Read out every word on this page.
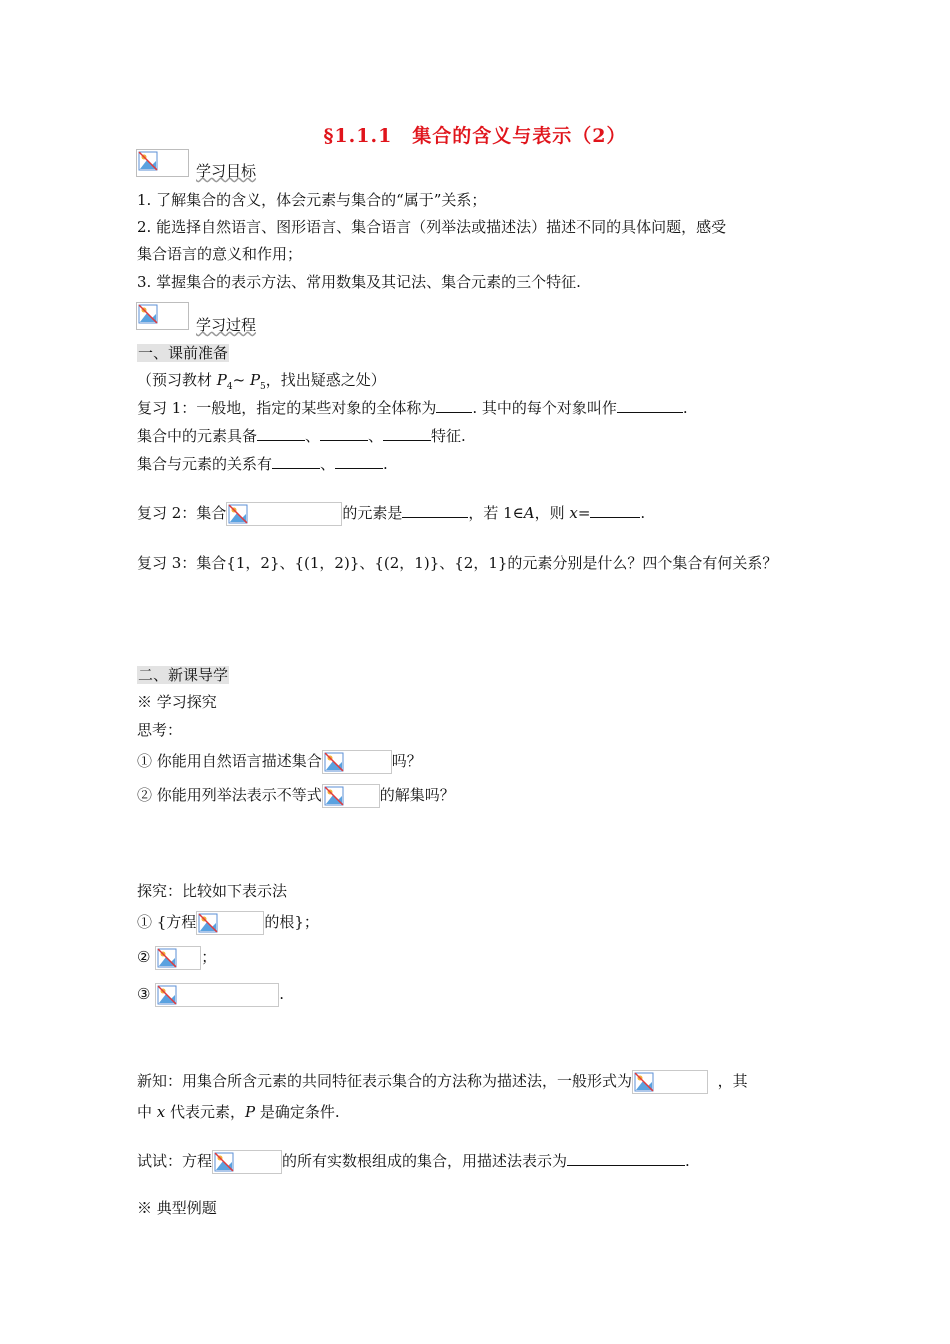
§1.1.1　集合的含义与表示（2）
学习目标
1. 了解集合的含义，体会元素与集合的“属于”关系；
2. 能选择自然语言、图形语言、集合语言（列举法或描述法）描述不同的具体问题，感受
集合语言的意义和作用；
3. 掌握集合的表示方法、常用数集及其记法、集合元素的三个特征.
学习过程
一、课前准备
（预习教材 $P_4\sim$ $P_5$，找出疑惑之处）
复习 1：一般地，指定的某些对象的全体称为 . 其中的每个对象叫作	.
集合中的元素具备	、	、	特征.
集合与元素的关系有	、	.
复习 2：集合	的元素是	，若 1∈A，则 x=	.
复习 3：集合{1，2}、{(1，2)}、{(2，1)}、{2，1}的元素分别是什么？四个集合有何关系？
二、新课导学
※ 学习探究
思考：
① 你能用自然语言描述集合	吗？
② 你能用列举法表示不等式	的解集吗？
探究：比较如下表示法
① {方程	的根}；
②	；
③	.
新知：用集合所含元素的共同特征表示集合的方法称为描述法，一般形式为	，其
中 x 代表元素，P 是确定条件.
试试：方程	的所有实数根组成的集合，用描述法表示为	.
※ 典型例题
